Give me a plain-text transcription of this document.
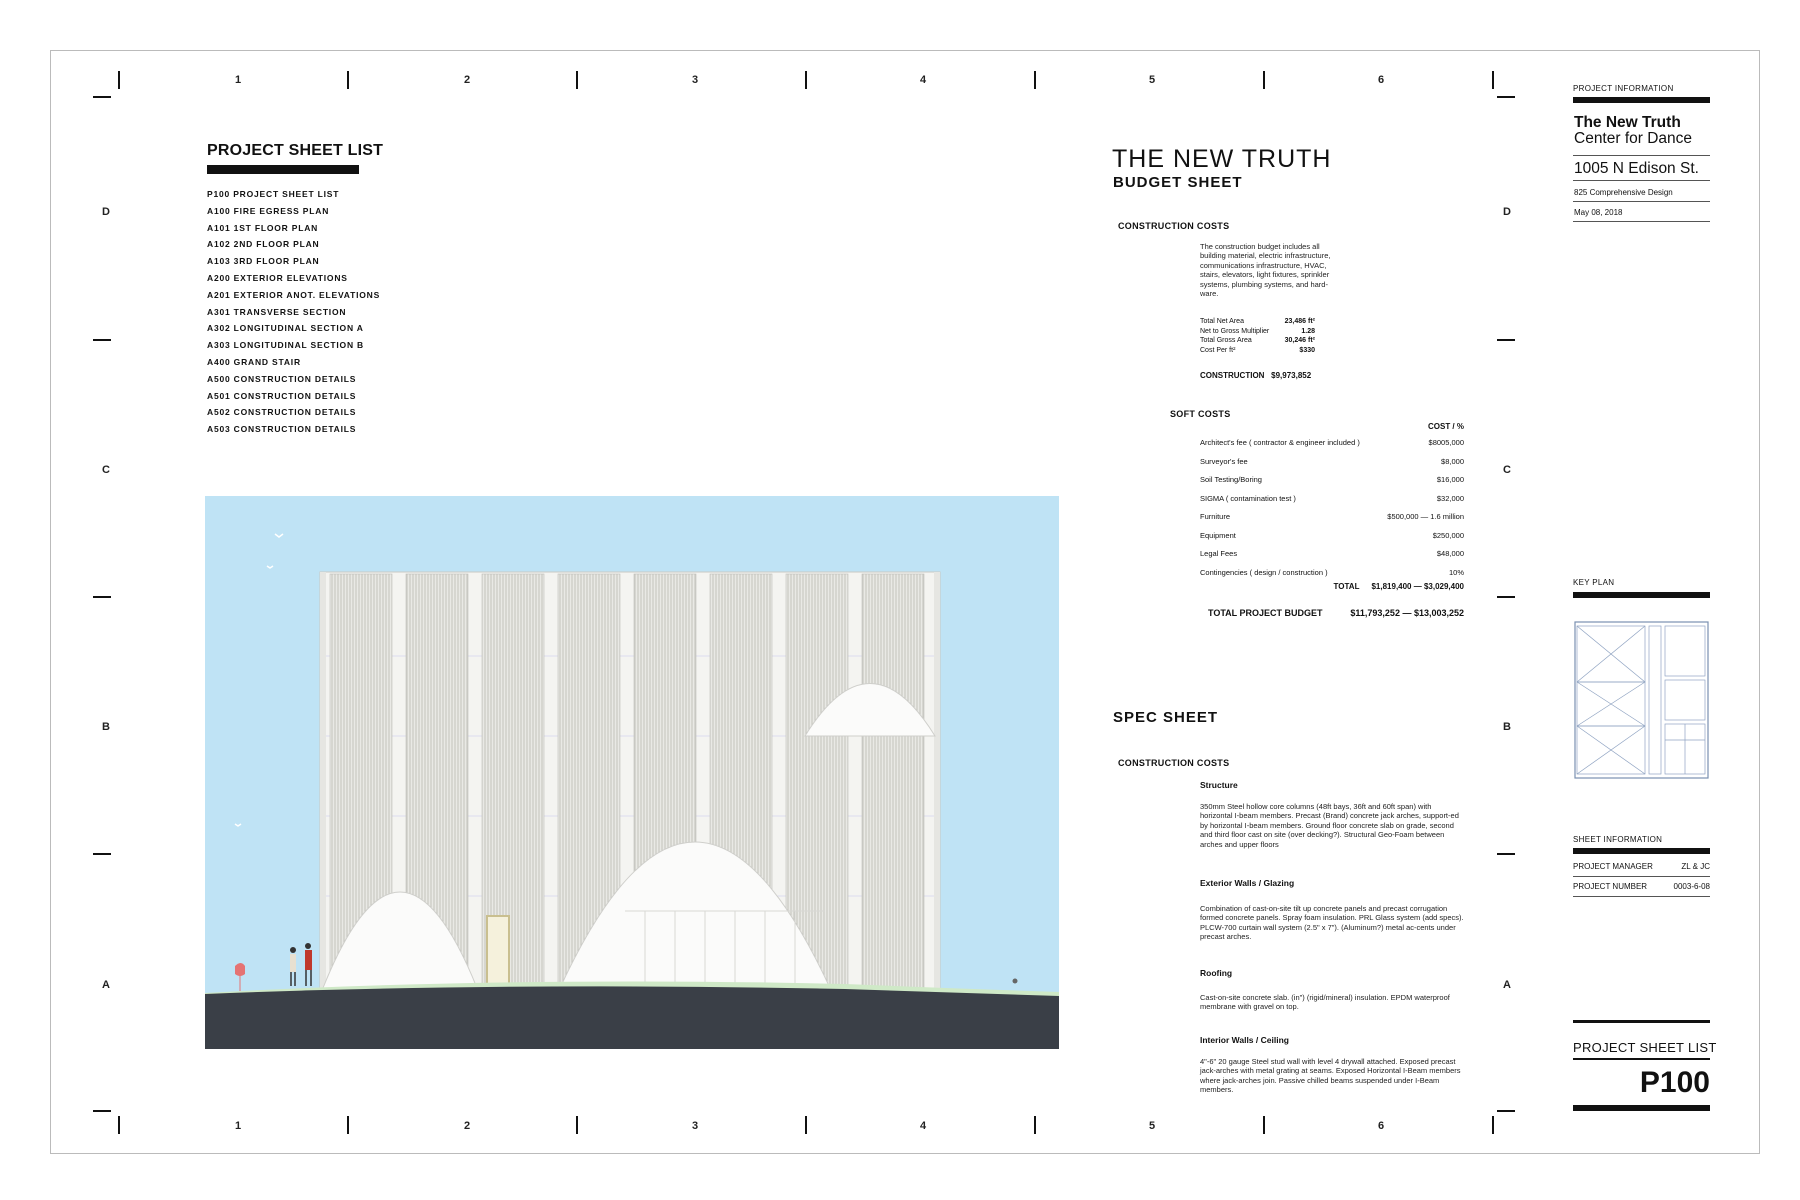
1
1
2
2
3
3
4
4
5
5
6
6
D	D
C	C
B	B
A	A
PROJECT SHEET LIST
P100 PROJECT SHEET LIST
A100 FIRE EGRESS PLAN
A101 1ST FLOOR PLAN
A102 2ND FLOOR PLAN
A103 3RD FLOOR PLAN
A200 EXTERIOR ELEVATIONS
A201 EXTERIOR ANOT. ELEVATIONS
A301 TRANSVERSE SECTION
A302 LONGITUDINAL SECTION A
A303 LONGITUDINAL SECTION B
A400 GRAND STAIR
A500 CONSTRUCTION DETAILS
A501 CONSTRUCTION DETAILS
A502 CONSTRUCTION DETAILS
A503 CONSTRUCTION DETAILS
THE NEW TRUTH
BUDGET SHEET
CONSTRUCTION COSTS
The construction budget includes all building material, electric infrastructure, communications infrastructure, HVAC, stairs, elevators, light fixtures, sprinkler systems, plumbing systems, and hard-ware.
Total Net Area	23,486 ft²
Net to Gross Multiplier	1.28
Total Gross Area	30,246 ft²
Cost Per ft²	$330
CONSTRUCTION $9,973,852
SOFT COSTS
COST / %
Architect's fee ( contractor & engineer included )	$8005,000
Surveyor's fee	$8,000
Soil Testing/Boring	$16,000
SIGMA ( contamination test )	$32,000
Furniture	$500,000 — 1.6 million
Equipment	$250,000
Legal Fees	$48,000
Contingencies ( design / construction )	10%
TOTAL $1,819,400 — $3,029,400
TOTAL PROJECT BUDGET	$11,793,252 — $13,003,252
SPEC SHEET
CONSTRUCTION COSTS
Structure
350mm Steel hollow core columns (48ft bays, 36ft and 60ft span) with horizontal I-beam members. Precast (Brand) concrete jack arches, support-ed by horizontal I-beam members. Ground floor concrete slab on grade, second and third floor cast on site (over decking?). Structural Geo-Foam between arches and upper floors
Exterior Walls / Glazing
Combination of cast-on-site tilt up concrete panels and precast corrugation formed concrete panels. Spray foam insulation. PRL Glass system (add specs). PLCW-700 curtain wall system (2.5" x 7"). (Aluminum?) metal ac-cents under precast arches.
Roofing
Cast-on-site concrete slab. (in") (rigid/mineral) insulation. EPDM waterproof membrane with gravel on top.
Interior Walls / Ceiling
4"-6" 20 gauge Steel stud wall with level 4 drywall attached. Exposed precast jack-arches with metal grating at seams. Exposed Horizontal I-Beam members where jack-arches join. Passive chilled beams suspended under I-Beam members.
PROJECT INFORMATION
The New Truth
Center for Dance
1005 N Edison St.
825 Comprehensive Design
May 08, 2018
KEY PLAN
SHEET INFORMATION
PROJECT MANAGER	ZL & JC
PROJECT NUMBER	0003-6-08
PROJECT SHEET LIST
P100
